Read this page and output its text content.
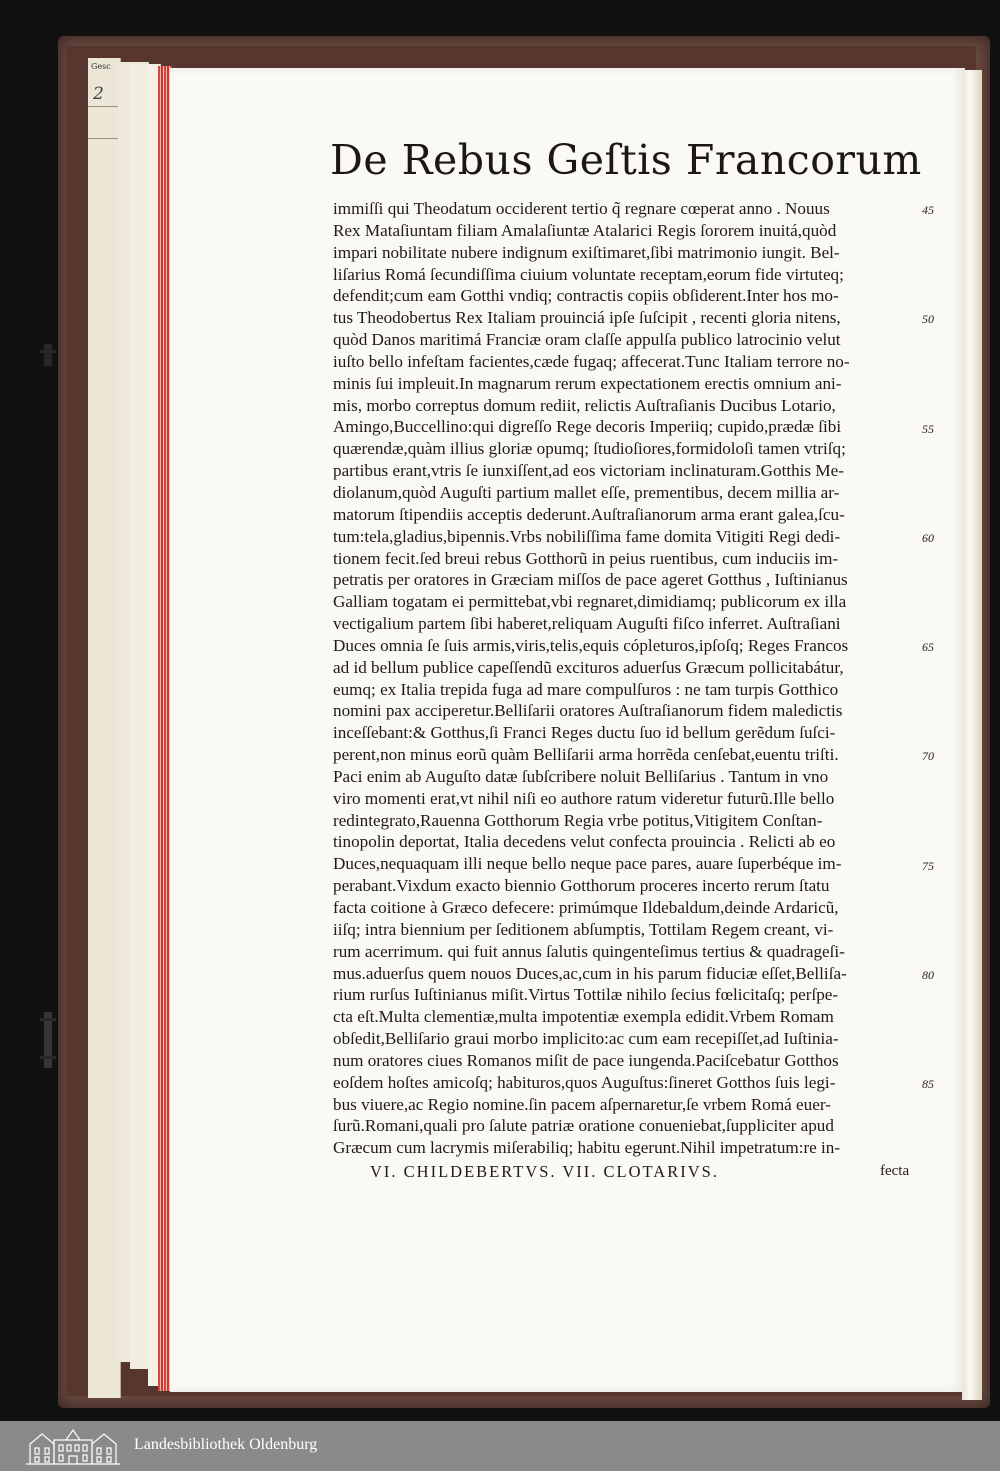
Gesc
2
De Rebus Geſtis Francorum
immiſſi qui Theodatum occiderent tertio q̃ regnare cœperat anno . Nouus
Rex Mataſiuntam filiam Amalaſiuntæ Atalarici Regis ſororem inuitá,quòd
impari nobilitate nubere indignum exiſtimaret,ſibi matrimonio iungit. Bel-
liſarius Romá ſecundiſſima ciuium voluntate receptam,eorum fide virtuteq;
defendit;cum eam Gotthi vndiq; contractis copiis obſiderent.Inter hos mo-
tus Theodobertus Rex Italiam prouinciá ipſe ſuſcipit , recenti gloria nitens,
quòd Danos maritimá Franciæ oram claſſe appulſa publico latrocinio velut
iuſto bello infeſtam facientes,cæde fugaq; affecerat.Tunc Italiam terrore no-
minis ſui impleuit.In magnarum rerum expectationem erectis omnium ani-
mis, morbo correptus domum rediit, relictis Auſtraſianis Ducibus Lotario,
Amingo,Buccellino:qui digreſſo Rege decoris Imperiiq; cupido,prædæ ſibi
quærendæ,quàm illius gloriæ opumq; ſtudioſiores,formidoloſi tamen vtriſq;
partibus erant,vtris ſe iunxiſſent,ad eos victoriam inclinaturam.Gotthis Me-
diolanum,quòd Auguſti partium mallet eſſe, prementibus, decem millia ar-
matorum ſtipendiis acceptis dederunt.Auſtraſianorum arma erant galea,ſcu-
tum:tela,gladius,bipennis.Vrbs nobiliſſima fame domita Vitigiti Regi dedi-
tionem fecit.ſed breui rebus Gotthorũ in peius ruentibus, cum induciis im-
petratis per oratores in Græciam miſſos de pace ageret Gotthus , Iuſtinianus
Galliam togatam ei permittebat,vbi regnaret,dimidiamq; publicorum ex illa
vectigalium partem ſibi haberet,reliquam Auguſti fiſco inferret. Auſtraſiani
Duces omnia ſe ſuis armis,viris,telis,equis cópleturos,ipſoſq; Reges Francos
ad id bellum publice capeſſendũ excituros aduerſus Græcum pollicitabátur,
eumq; ex Italia trepida fuga ad mare compulſuros : ne tam turpis Gotthico
nomini pax acciperetur.Belliſarii oratores Auſtraſianorum fidem maledictis
inceſſebant:& Gotthus,ſi Franci Reges ductu ſuo id bellum gerẽdum ſuſci-
perent,non minus eorũ quàm Belliſarii arma horrẽda cenſebat,euentu triſti.
Paci enim ab Auguſto datæ ſubſcribere noluit Belliſarius . Tantum in vno
viro momenti erat,vt nihil niſi eo authore ratum videretur futurũ.Ille bello
redintegrato,Rauenna Gotthorum Regia vrbe potitus,Vitigitem Conſtan-
tinopolin deportat, Italia decedens velut confecta prouincia . Relicti ab eo
Duces,nequaquam illi neque bello neque pace pares, auare ſuperbéque im-
perabant.Vixdum exacto biennio Gotthorum proceres incerto rerum ſtatu
facta coitione à Græco defecere: primúmque Ildebaldum,deinde Ardaricũ,
iiſq; intra biennium per ſeditionem abſumptis, Tottilam Regem creant, vi-
rum acerrimum. qui fuit annus ſalutis quingenteſimus tertius & quadrageſi-
mus.aduerſus quem nouos Duces,ac,cum in his parum fiduciæ eſſet,Belliſa-
rium rurſus Iuſtinianus miſit.Virtus Tottilæ nihilo ſecius fœlicitaſq; perſpe-
cta eſt.Multa clementiæ,multa impotentiæ exempla edidit.Vrbem Romam
obſedit,Belliſario graui morbo implicito:ac cum eam recepiſſet,ad Iuſtinia-
num oratores ciues Romanos miſit de pace iungenda.Paciſcebatur Gotthos
eoſdem hoſtes amicoſq; habituros,quos Auguſtus:ſineret Gotthos ſuis legi-
bus viuere,ac Regio nomine.ſin pacem aſpernaretur,ſe vrbem Romá euer-
ſurũ.Romani,quali pro ſalute patriæ oratione conueniebat,ſuppliciter apud
Græcum cum lacrymis miſerabiliq; habitu egerunt.Nihil impetratum:re in-
45
50
55
60
65
70
75
80
85
VI. CHILDEBERTVS. VII. CLOTARIVS.	fecta
Landesbibliothek Oldenburg
